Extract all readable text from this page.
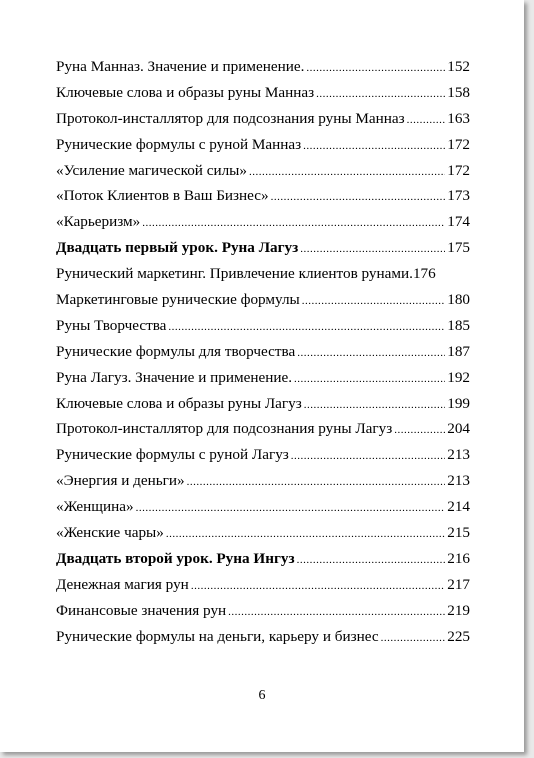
Руна Манназ. Значение и применение. .....	152
Ключевые слова и образы руны Манназ .....	158
Протокол-инсталлятор для подсознания руны Манназ .....	163
Рунические формулы с руной Манназ .....	172
«Усиление магической силы» .....	172
«Поток Клиентов в Ваш Бизнес» .....	173
«Карьеризм» .....	174
Двадцать первый урок. Руна Лагуз .....	175
Рунический маркетинг. Привлечение клиентов рунами. 176
Маркетинговые рунические формулы .....	180
Руны Творчества .....	185
Рунические формулы для творчества .....	187
Руна Лагуз. Значение и применение. .....	192
Ключевые слова и образы руны Лагуз .....	199
Протокол-инсталлятор для подсознания руны Лагуз .....	204
Рунические формулы с руной Лагуз .....	213
«Энергия и деньги» .....	213
«Женщина» .....	214
«Женские чары» .....	215
Двадцать второй урок. Руна Ингуз .....	216
Денежная магия рун .....	217
Финансовые значения рун .....	219
Рунические формулы на деньги, карьеру и бизнес .....	225
6
